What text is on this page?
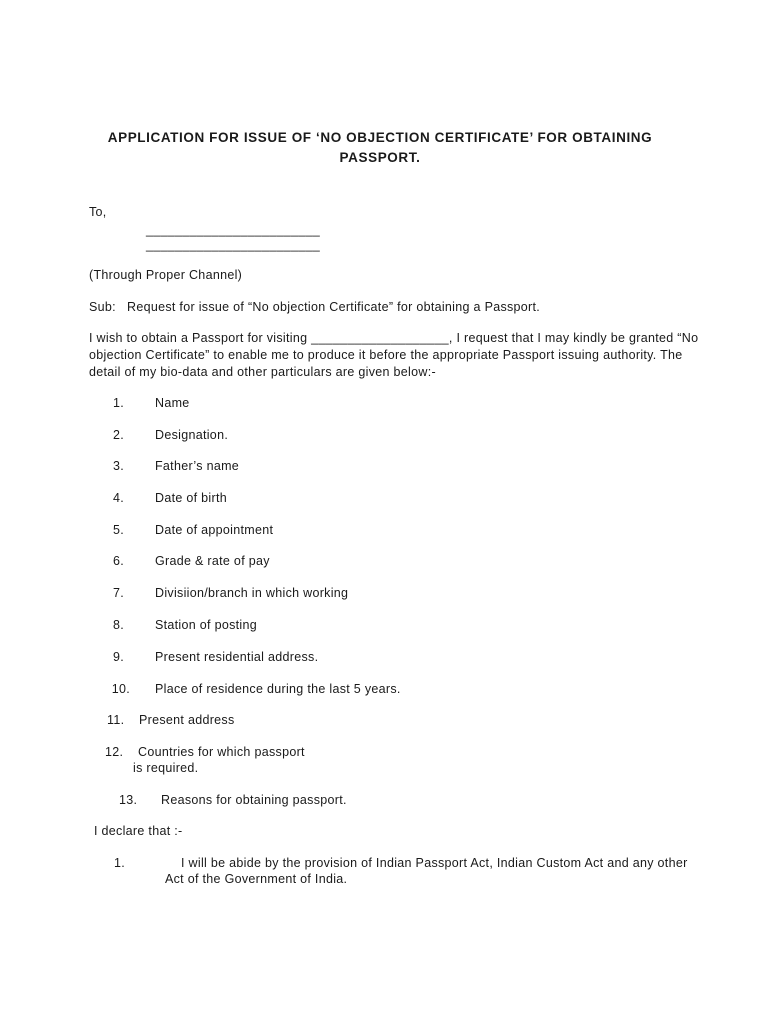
APPLICATION FOR ISSUE OF ‘NO OBJECTION CERTIFICATE’ FOR OBTAINING
PASSPORT.
To,
________________________
________________________
(Through Proper Channel)
Sub: Request for issue of “No objection Certificate” for obtaining a Passport.
I wish to obtain a Passport for visiting ___________________, I request that I may kindly be granted “No
objection Certificate” to enable me to produce it before the appropriate Passport issuing authority. The
detail of my bio-data and other particulars are given below:-
1. Name
2. Designation.
3. Father’s name
4. Date of birth
5. Date of appointment
6. Grade & rate of pay
7. Divisiion/branch in which working
8. Station of posting
9. Present residential address.
10. Place of residence during the last 5 years.
11. Present address
12. Countries for which passport
is required.
13. Reasons for obtaining passport.
I declare that :-
1.	I will be abide by the provision of Indian Passport Act, Indian Custom Act and any other
Act of the Government of India.
